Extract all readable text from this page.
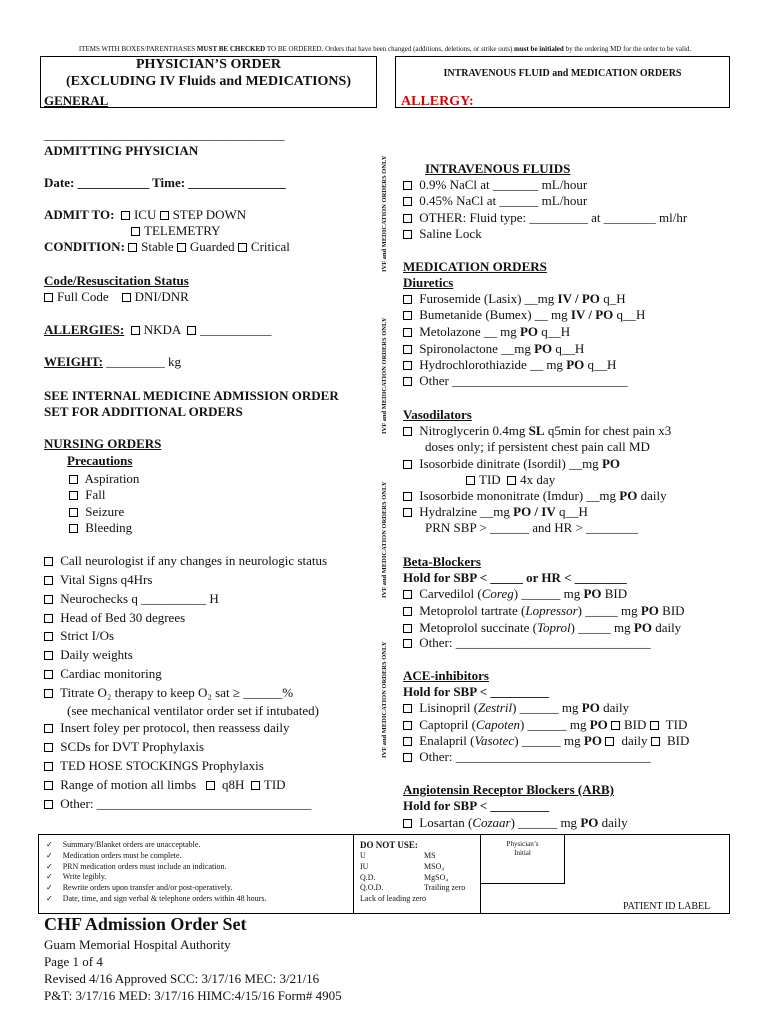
ITEMS WITH BOXES/PARENTHASES MUST BE CHECKED TO BE ORDERED. Orders that have been changed (additions, deletions, or strike outs) must be initialed by the ordering MD for the order to be valid.
PHYSICIAN’S ORDER
(EXCLUDING IV Fluids and MEDICATIONS)
GENERAL
INTRAVENOUS FLUID and MEDICATION ORDERS
ALLERGY:
IVF and MEDICATION ORDERS ONLY
IVF and MEDICATION ORDERS ONLY
IVF and MEDICATION ORDERS ONLY
IVF and MEDICATION ORDERS ONLY
_____________________________________
ADMITTING PHYSICIAN
Date: ___________ Time: _______________
ADMIT TO: ICU STEP DOWN
TELEMETRY
CONDITION: Stable Guarded Critical
Code/Resuscitation Status
Full Code DNI/DNR
ALLERGIES: NKDA ___________
WEIGHT: _________ kg
SEE INTERNAL MEDICINE ADMISSION ORDER
SET FOR ADDITIONAL ORDERS
NURSING ORDERS
Precautions
Aspiration
Fall
Seizure
Bleeding
Call neurologist if any changes in neurologic status
Vital Signs q4Hrs
Neurochecks q __________ H
Head of Bed 30 degrees
Strict I/Os
Daily weights
Cardiac monitoring
Titrate O₂ therapy to keep O₂ sat ≥ ______%
(see mechanical ventilator order set if intubated)
Insert foley per protocol, then reassess daily
SCDs for DVT Prophylaxis
TED HOSE STOCKINGS Prophylaxis
Range of motion all limbs q8H TID
Other: _________________________________
INTRAVENOUS FLUIDS
0.9% NaCl at _______ mL/hour
0.45% NaCl at ______ mL/hour
OTHER: Fluid type: _________ at ________ ml/hr
Saline Lock
MEDICATION ORDERS
Diuretics
Furosemide (Lasix) __mg IV / PO q_H
Bumetanide (Bumex) __ mg IV / PO q__H
Metolazone __ mg PO q__H
Spironolactone __mg PO q__H
Hydrochlorothiazide __ mg PO q__H
Other ___________________________
Vasodilators
Nitroglycerin 0.4mg SL q5min for chest pain x3
doses only; if persistent chest pain call MD
Isosorbide dinitrate (Isordil) __mg PO
TID 4x day
Isosorbide mononitrate (Imdur) __mg PO daily
Hydralzine __mg PO / IV q__H
PRN SBP > ______ and HR > ________
Beta-Blockers
Hold for SBP < _____ or HR < ________
Carvedilol (Coreg) ______ mg PO BID
Metoprolol tartrate (Lopressor) _____ mg PO BID
Metoprolol succinate (Toprol) _____ mg PO daily
Other: ______________________________
ACE-inhibitors
Hold for SBP < _________
Lisinopril (Zestril) ______ mg PO daily
Captopril (Capoten) ______ mg PO BID TID
Enalapril (Vasotec) ______ mg PO daily BID
Other: ______________________________
Angiotensin Receptor Blockers (ARB)
Hold for SBP < _________
Losartan (Cozaar) ______ mg PO daily
✓     Summary/Blanket orders are unacceptable.
✓     Medication orders must be complete.
✓     PRN medication orders must include an indication.
✓     Write legibly.
✓     Rewrite orders upon transfer and/or post-operatively.
✓     Date, time, and sign verbal & telephone orders within 48 hours.
DO NOT USE:
U
IU
Q.D.
Q.O.D.
Lack of leading zero
MS
MSO₄
MgSO₄
Trailing zero
Physician’s
Initial
PATIENT ID LABEL
CHF Admission Order Set
Guam Memorial Hospital Authority
Page 1 of 4
Revised 4/16 Approved SCC: 3/17/16 MEC: 3/21/16
P&T: 3/17/16 MED: 3/17/16 HIMC:4/15/16 Form# 4905
